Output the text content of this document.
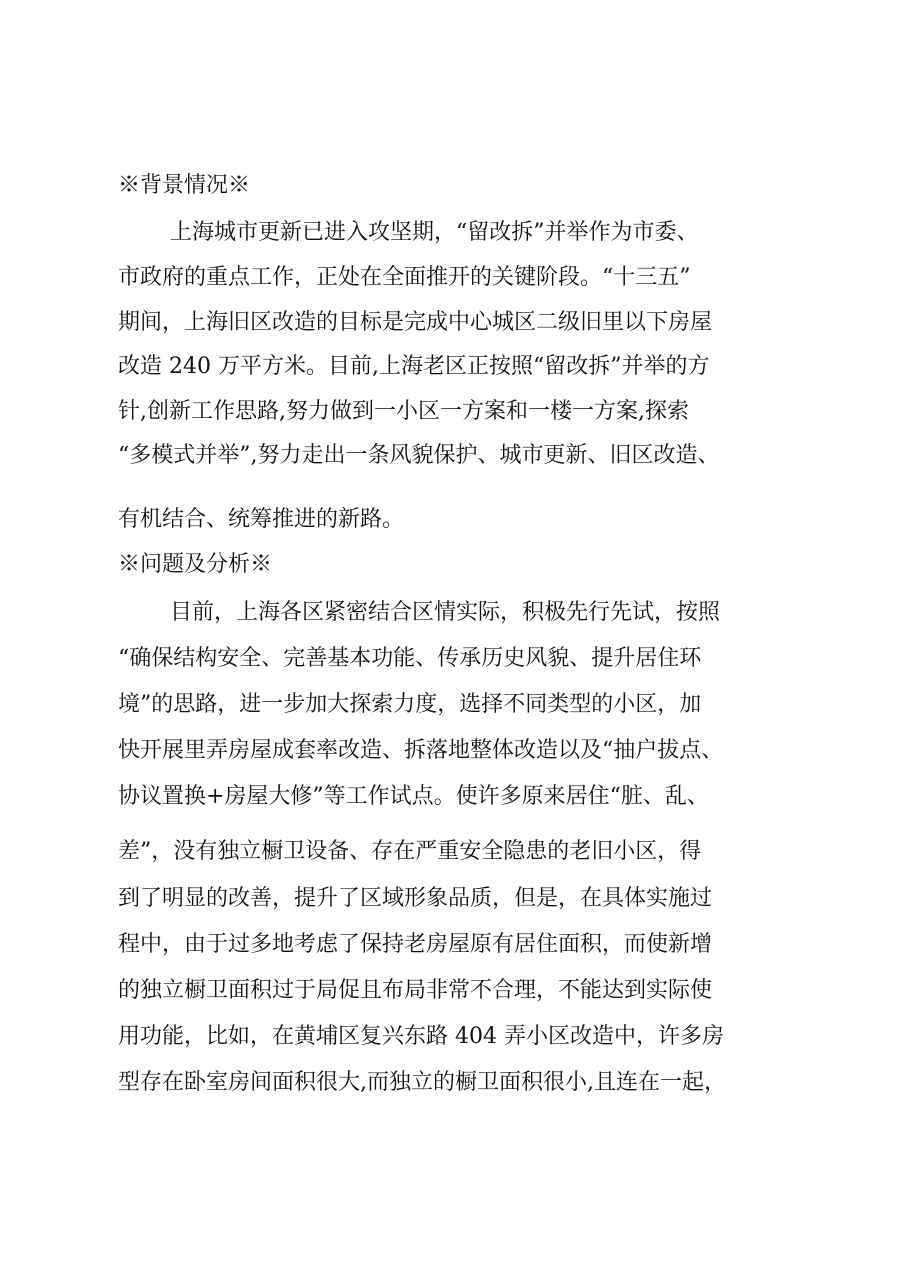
※背景情况※
上海城市更新已进入攻坚期，“留改拆”并举作为市委、
市政府的重点工作，正处在全面推开的关键阶段。“十三五”
期间，上海旧区改造的目标是完成中心城区二级旧里以下房屋
改造 240 万平方米。目前,上海老区正按照“留改拆”并举的方
针,创新工作思路,努力做到一小区一方案和一楼一方案,探索
“多模式并举”,努力走出一条风貌保护、城市更新、旧区改造、
有机结合、统筹推进的新路。
※问题及分析※
目前，上海各区紧密结合区情实际，积极先行先试，按照
“确保结构安全、完善基本功能、传承历史风貌、提升居住环
境”的思路，进一步加大探索力度，选择不同类型的小区，加
快开展里弄房屋成套率改造、拆落地整体改造以及“抽户拔点、
协议置换+房屋大修”等工作试点。使许多原来居住“脏、乱、
差”，没有独立橱卫设备、存在严重安全隐患的老旧小区，得
到了明显的改善，提升了区域形象品质，但是，在具体实施过
程中，由于过多地考虑了保持老房屋原有居住面积，而使新增
的独立橱卫面积过于局促且布局非常不合理，不能达到实际使
用功能，比如，在黄埔区复兴东路 404 弄小区改造中，许多房
型存在卧室房间面积很大,而独立的橱卫面积很小,且连在一起，
